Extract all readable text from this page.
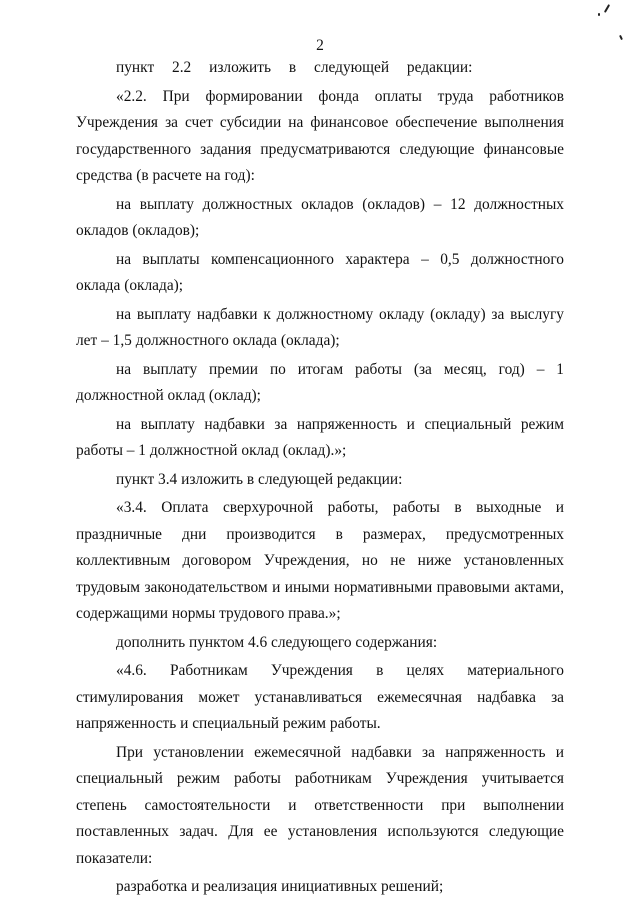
2

пункт 2.2 изложить в следующей редакции:

«2.2. При формировании фонда оплаты труда работников Учреждения за счет субсидии на финансовое обеспечение выполнения государственного задания предусматриваются следующие финансовые средства (в расчете на год):

на выплату должностных окладов (окладов) – 12 должностных окладов (окладов);

на выплаты компенсационного характера – 0,5 должностного оклада (оклада);

на выплату надбавки к должностному окладу (окладу) за выслугу лет – 1,5 должностного оклада (оклада);

на выплату премии по итогам работы (за месяц, год) – 1 должностной оклад (оклад);

на выплату надбавки за напряженность и специальный режим работы – 1 должностной оклад (оклад).»;

пункт 3.4 изложить в следующей редакции:

«3.4. Оплата сверхурочной работы, работы в выходные и праздничные дни производится в размерах, предусмотренных коллективным договором Учреждения, но не ниже установленных трудовым законодательством и иными нормативными правовыми актами, содержащими нормы трудового права.»;

дополнить пунктом 4.6 следующего содержания:

«4.6. Работникам Учреждения в целях материального стимулирования может устанавливаться ежемесячная надбавка за напряженность и специальный режим работы.

При установлении ежемесячной надбавки за напряженность и специальный режим работы работникам Учреждения учитывается степень самостоятельности и ответственности при выполнении поставленных задач. Для ее установления используются следующие показатели:

разработка и реализация инициативных решений;
